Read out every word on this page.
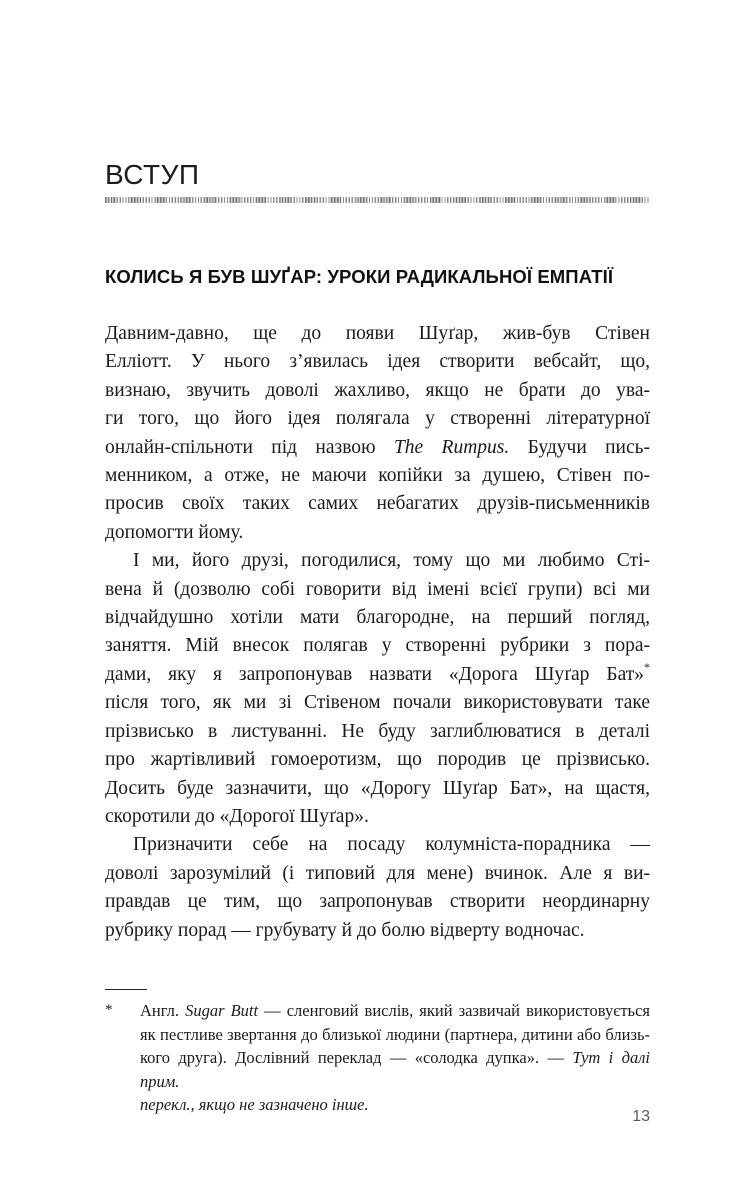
ВСТУП
КОЛИСЬ Я БУВ ШУҐАР: УРОКИ РАДИКАЛЬНОЇ ЕМПАТІЇ
Давним-давно, ще до появи Шуґар, жив-був Стівен
Елліотт. У нього з’явилась ідея створити вебсайт, що,
визнаю, звучить доволі жахливо, якщо не брати до ува-
ги того, що його ідея полягала у створенні літературної
онлайн-спільноти під назвою The Rumpus. Будучи пись-
менником, а отже, не маючи копійки за душею, Стівен по-
просив своїх таких самих небагатих друзів-письменників
допомогти йому.
І ми, його друзі, погодилися, тому що ми любимо Сті-
вена й (дозволю собі говорити від імені всієї групи) всі ми
відчайдушно хотіли мати благородне, на перший погляд,
заняття. Мій внесок полягав у створенні рубрики з пора-
дами, яку я запропонував назвати «Дорога Шуґар Бат»*
після того, як ми зі Стівеном почали використовувати таке
прізвисько в листуванні. Не буду заглиблюватися в деталі
про жартівливий гомоеротизм, що породив це прізвисько.
Досить буде зазначити, що «Дорогу Шуґар Бат», на щастя,
скоротили до «Дорогої Шуґар».
Призначити себе на посаду колумніста-порадника —
доволі зарозумілий (і типовий для мене) вчинок. Але я ви-
правдав це тим, що запропонував створити неординарну
рубрику порад — грубувату й до болю відверту водночас.
*	Англ. Sugar Butt — сленговий вислів, який зазвичай використовується
як пестливе звертання до близької людини (партнера, дитини або близь-
кого друга). Дослівний переклад — «солодка дупка». — Тут і далі прим.
перекл., якщо не зазначено інше.
13
